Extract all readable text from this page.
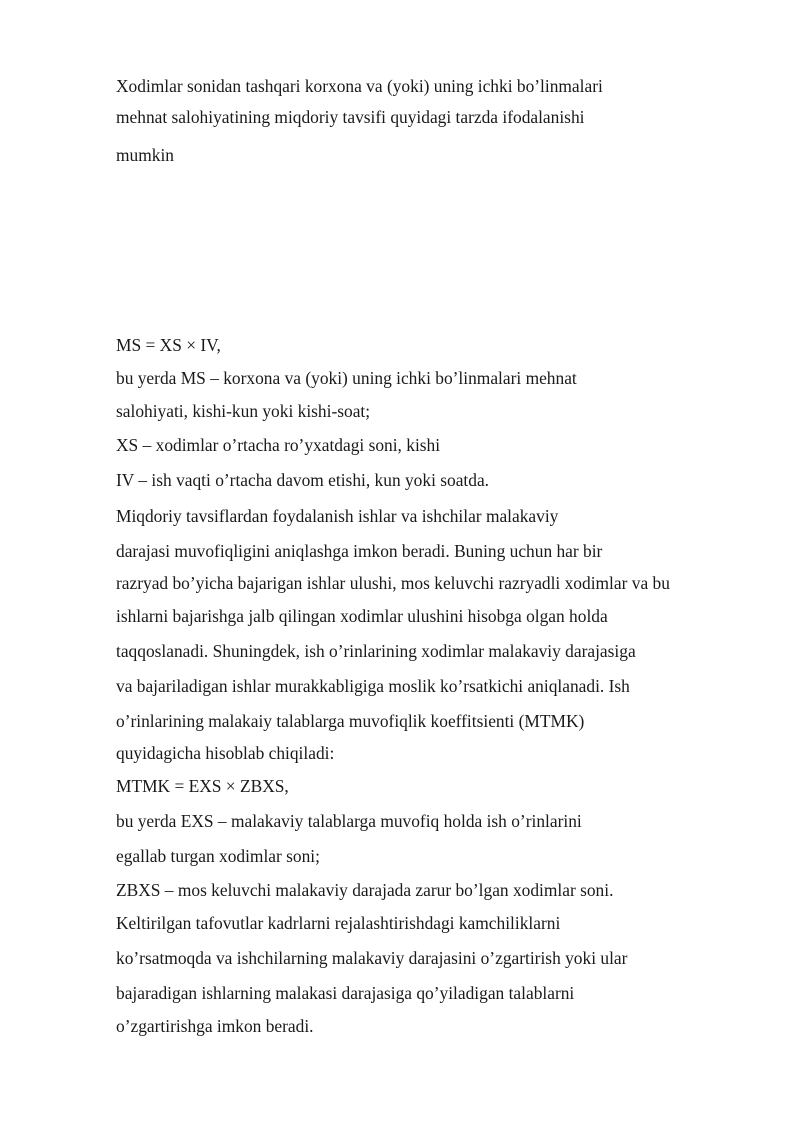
Xodimlar sonidan tashqari korxona va (yoki) uning ichki bo’linmalari

mehnat salohiyatining miqdoriy tavsifi quyidagi tarzda ifodalanishi

mumkin

MS = XS × IV,

bu yerda MS – korxona va (yoki) uning ichki bo’linmalari mehnat

salohiyati, kishi-kun yoki kishi-soat;

XS – xodimlar o’rtacha ro’yxatdagi soni, kishi

IV – ish vaqti o’rtacha davom etishi, kun yoki soatda.

Miqdoriy tavsiflardan foydalanish ishlar va ishchilar malakaviy

darajasi muvofiqligini aniqlashga imkon beradi. Buning uchun har bir

razryad bo’yicha bajarigan ishlar ulushi, mos keluvchi razryadli xodimlar va bu

ishlarni bajarishga jalb qilingan xodimlar ulushini hisobga olgan holda

taqqoslanadi. Shuningdek, ish o’rinlarining xodimlar malakaviy darajasiga

va bajariladigan ishlar murakkabligiga moslik ko’rsatkichi aniqlanadi. Ish

o’rinlarining malakaiy talablarga muvofiqlik koeffitsienti (MTMK)

quyidagicha hisoblab chiqiladi:

MTMK = EXS × ZBXS,

bu yerda EXS – malakaviy talablarga muvofiq holda ish o’rinlarini

egallab turgan xodimlar soni;

ZBXS – mos keluvchi malakaviy darajada zarur bo’lgan xodimlar soni.

Keltirilgan tafovutlar kadrlarni rejalashtirishdagi kamchiliklarni

ko’rsatmoqda va ishchilarning malakaviy darajasini o’zgartirish yoki ular

bajaradigan ishlarning malakasi darajasiga qo’yiladigan talablarni

o’zgartirishga imkon beradi.
